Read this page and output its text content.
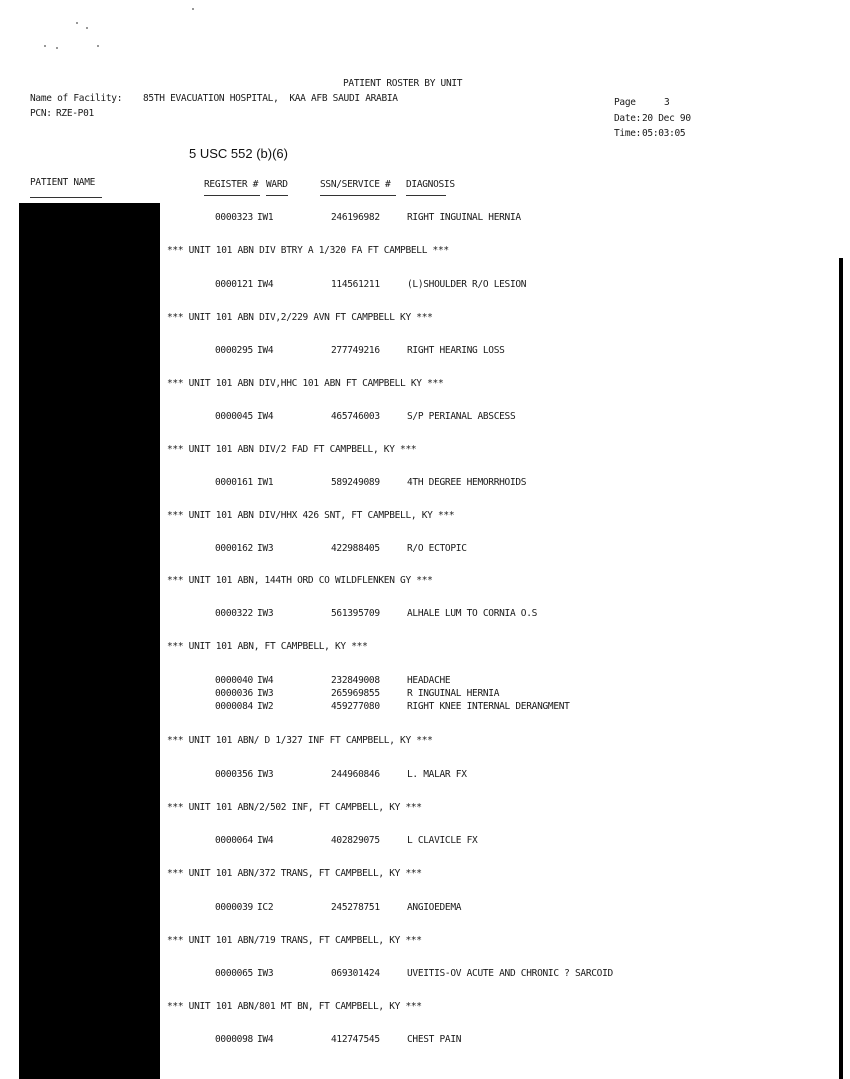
PATIENT ROSTER BY UNIT
Name of Facility: 85TH EVACUATION HOSPITAL,  KAA AFB SAUDI ARABIA
PCN: RZE-P01
Page	3
Date: 20 Dec 90
Time: 05:03:05
5 USC 552 (b)(6)
PATIENT NAME	REGISTER # WARD	SSN/SERVICE # DIAGNOSIS
0000323 IW1	246196982	RIGHT INGUINAL HERNIA
*** UNIT 101 ABN DIV BTRY A 1/320 FA FT CAMPBELL ***
0000121 IW4	114561211	(L)SHOULDER R/O LESION
*** UNIT 101 ABN DIV,2/229 AVN FT CAMPBELL KY ***
0000295 IW4	277749216	RIGHT HEARING LOSS
*** UNIT 101 ABN DIV,HHC 101 ABN FT CAMPBELL KY ***
0000045 IW4	465746003	S/P PERIANAL ABSCESS
*** UNIT 101 ABN DIV/2 FAD FT CAMPBELL, KY ***
0000161 IW1	589249089	4TH DEGREE HEMORRHOIDS
*** UNIT 101 ABN DIV/HHX 426 SNT, FT CAMPBELL, KY ***
0000162 IW3	422988405	R/O ECTOPIC
*** UNIT 101 ABN, 144TH ORD CO WILDFLENKEN GY ***
0000322 IW3	561395709	ALHALE LUM TO CORNIA O.S
*** UNIT 101 ABN, FT CAMPBELL, KY ***
0000040 IW4	232849008	HEADACHE
0000036 IW3	265969855	R INGUINAL HERNIA
0000084 IW2	459277080	RIGHT KNEE INTERNAL DERANGMENT
*** UNIT 101 ABN/ D 1/327 INF FT CAMPBELL, KY ***
0000356 IW3	244960846	L. MALAR FX
*** UNIT 101 ABN/2/502 INF, FT CAMPBELL, KY ***
0000064 IW4	402829075	L CLAVICLE FX
*** UNIT 101 ABN/372 TRANS, FT CAMPBELL, KY ***
0000039 IC2	245278751	ANGIOEDEMA
*** UNIT 101 ABN/719 TRANS, FT CAMPBELL, KY ***
0000065 IW3	069301424	UVEITIS-OV ACUTE AND CHRONIC ? SARCOID
*** UNIT 101 ABN/801 MT BN, FT CAMPBELL, KY ***
0000098 IW4	412747545	CHEST PAIN
